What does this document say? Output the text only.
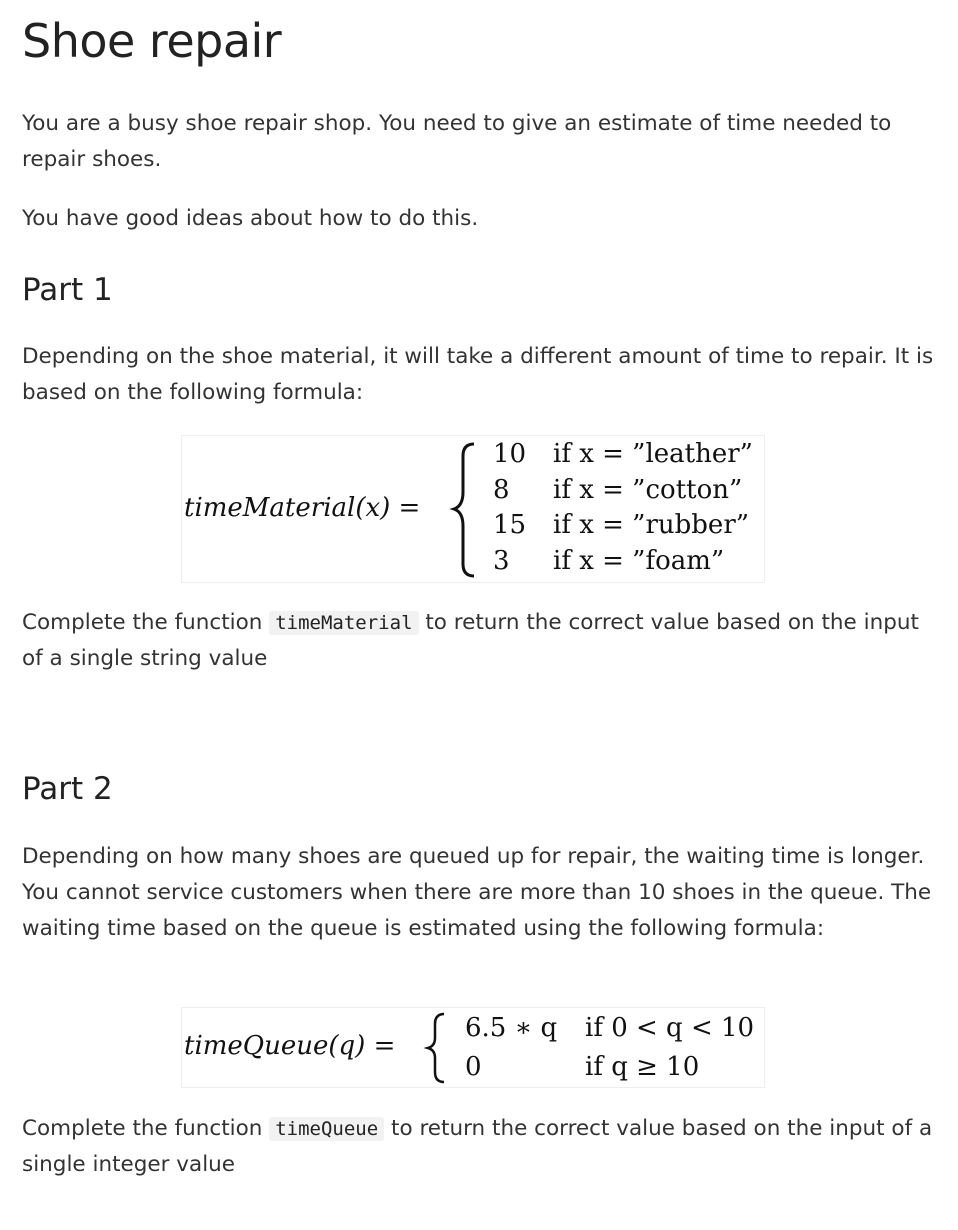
Shoe repair

You are a busy shoe repair shop. You need to give an estimate of time needed to repair shoes.

You have good ideas about how to do this.

Part 1

Depending on the shoe material, it will take a different amount of time to repair. It is based on the following formula:

timeMaterial(x) =
10 if x = ”leather”
8 if x = ”cotton”
15 if x = ”rubber”
3 if x = ”foam”

Complete the function timeMaterial to return the correct value based on the input of a single string value

Part 2

Depending on how many shoes are queued up for repair, the waiting time is longer. You cannot service customers when there are more than 10 shoes in the queue. The waiting time based on the queue is estimated using the following formula:

timeQueue(q) =
6.5 ∗ q if 0 < q < 10
0	if q ≥ 10

Complete the function timeQueue to return the correct value based on the input of a single integer value
